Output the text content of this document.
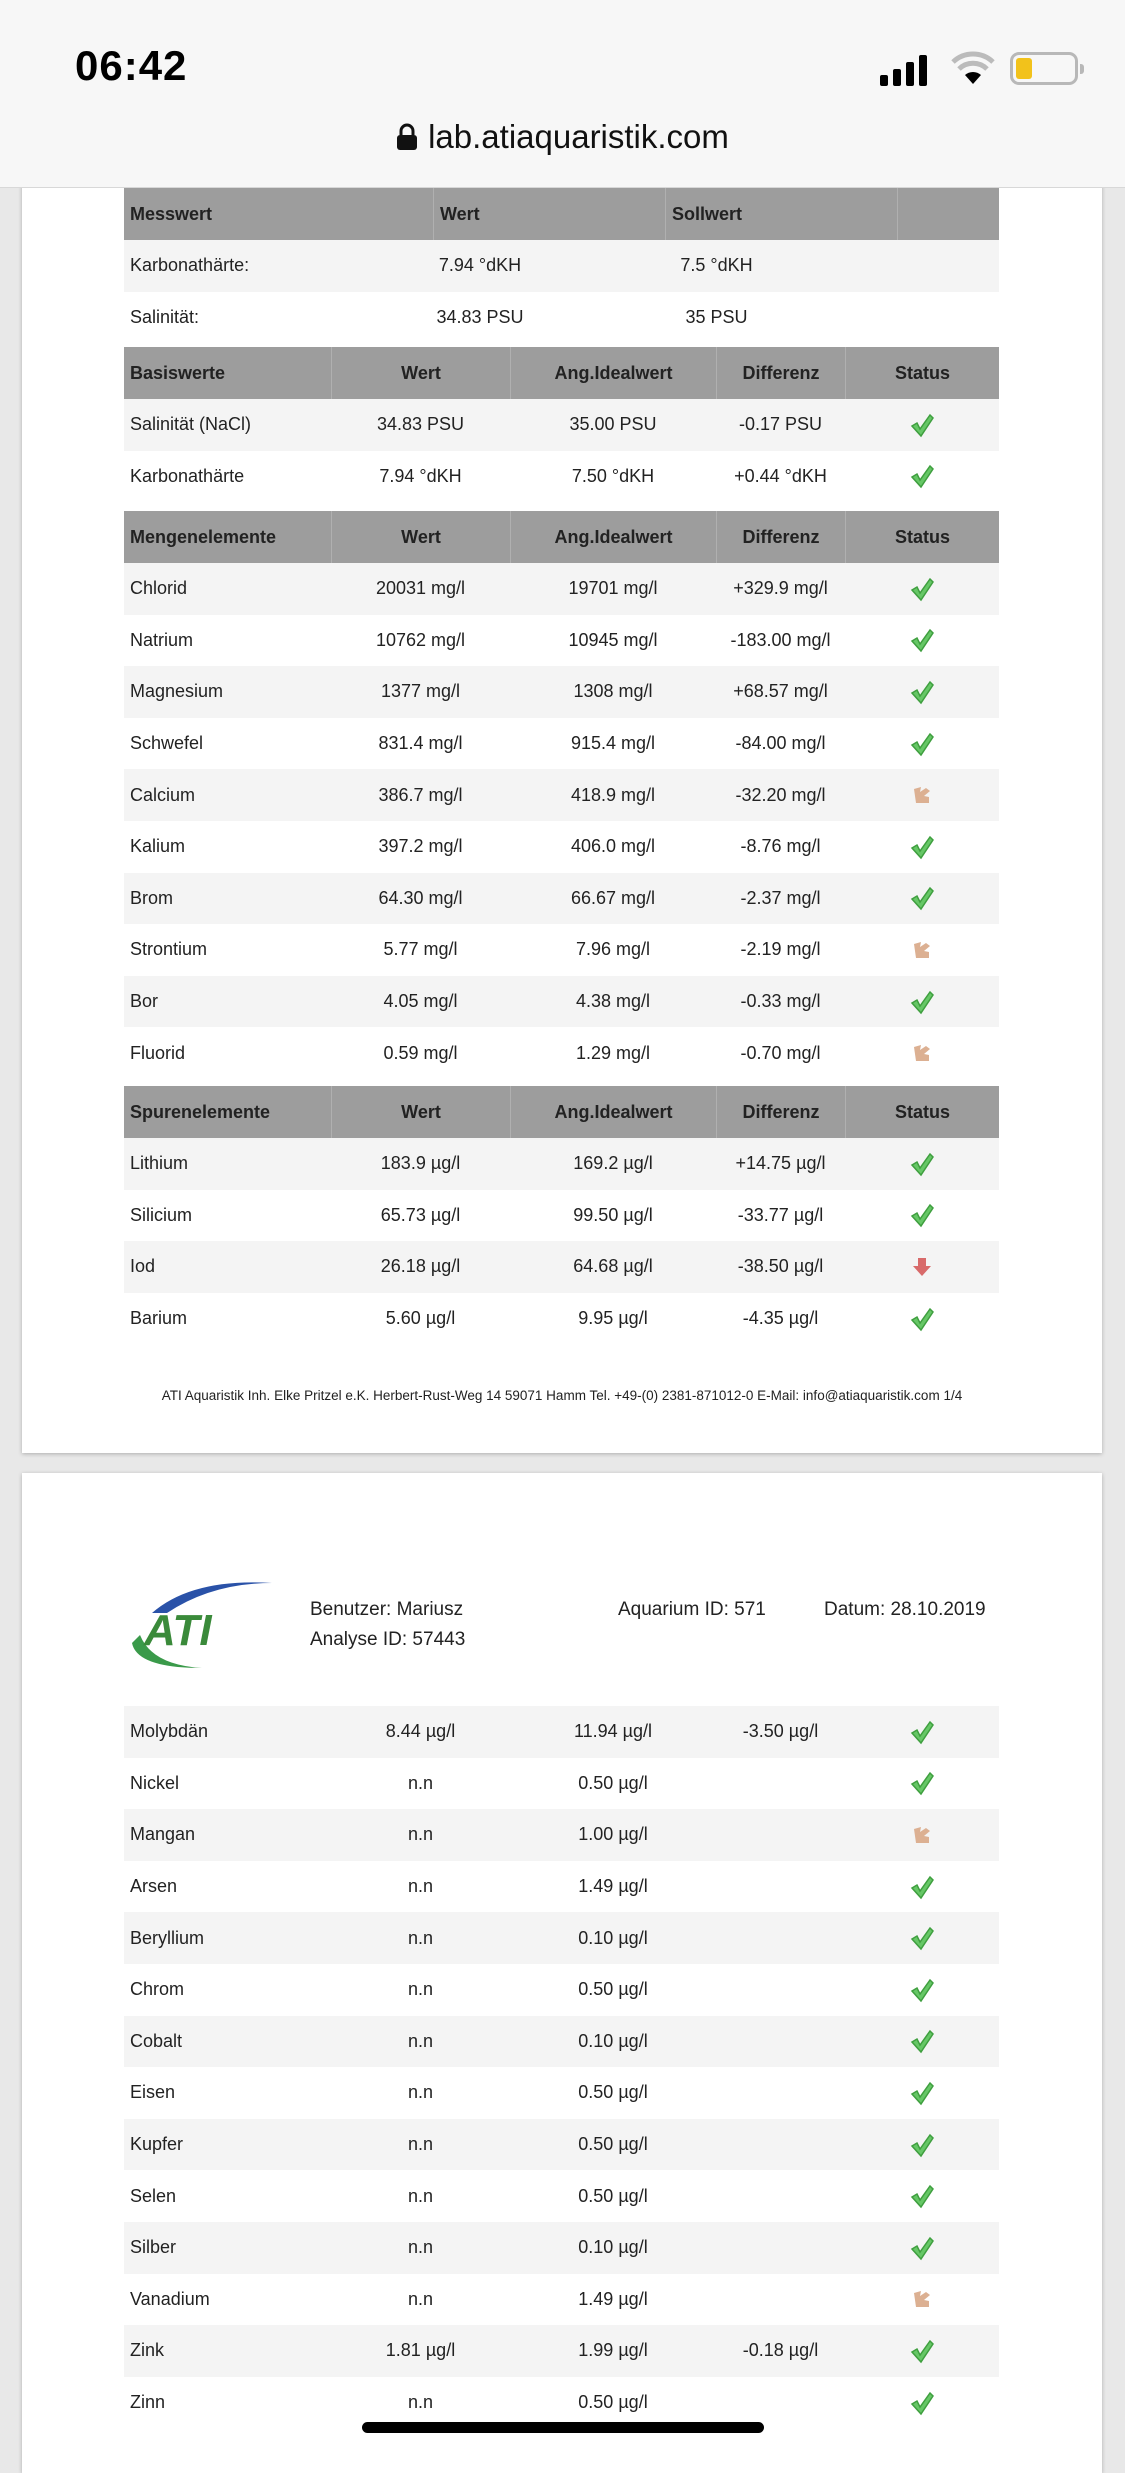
06:42
lab.atiaquaristik.com
ATI Aquaristik Inh. Elke Pritzel e.K. Herbert-Rust-Weg 14 59071 Hamm Tel. +49-(0) 2381-871012-0 E-Mail: info@atiaquaristik.com 1/4
Messwert	Wert	Sollwert
Karbonathärte:	7.94 °dKH	7.5 °dKH
Salinität:	34.83 PSU	35 PSU
Basiswerte	Wert	Ang.Idealwert	Differenz	Status
Salinität (NaCl)	34.83 PSU	35.00 PSU	-0.17 PSU
Karbonathärte	7.94 °dKH	7.50 °dKH	+0.44 °dKH
Mengenelemente	Wert	Ang.Idealwert	Differenz	Status
Chlorid	20031 mg/l	19701 mg/l	+329.9 mg/l
Natrium	10762 mg/l	10945 mg/l	-183.00 mg/l
Magnesium	1377 mg/l	1308 mg/l	+68.57 mg/l
Schwefel	831.4 mg/l	915.4 mg/l	-84.00 mg/l
Calcium	386.7 mg/l	418.9 mg/l	-32.20 mg/l
Kalium	397.2 mg/l	406.0 mg/l	-8.76 mg/l
Brom	64.30 mg/l	66.67 mg/l	-2.37 mg/l
Strontium	5.77 mg/l	7.96 mg/l	-2.19 mg/l
Bor	4.05 mg/l	4.38 mg/l	-0.33 mg/l
Fluorid	0.59 mg/l	1.29 mg/l	-0.70 mg/l
Spurenelemente	Wert	Ang.Idealwert	Differenz	Status
Lithium	183.9 µg/l	169.2 µg/l	+14.75 µg/l
Silicium	65.73 µg/l	99.50 µg/l	-33.77 µg/l
Iod	26.18 µg/l	64.68 µg/l	-38.50 µg/l
Barium	5.60 µg/l	9.95 µg/l	-4.35 µg/l
ATI	Benutzer: Mariusz
Analyse ID: 57443
Aquarium ID: 571	Datum: 28.10.2019
Molybdän	8.44 µg/l	11.94 µg/l	-3.50 µg/l
Nickel	n.n	0.50 µg/l
Mangan	n.n	1.00 µg/l
Arsen	n.n	1.49 µg/l
Beryllium	n.n	0.10 µg/l
Chrom	n.n	0.50 µg/l
Cobalt	n.n	0.10 µg/l
Eisen	n.n	0.50 µg/l
Kupfer	n.n	0.50 µg/l
Selen	n.n	0.50 µg/l
Silber	n.n	0.10 µg/l
Vanadium	n.n	1.49 µg/l
Zink	1.81 µg/l	1.99 µg/l	-0.18 µg/l
Zinn	n.n	0.50 µg/l
